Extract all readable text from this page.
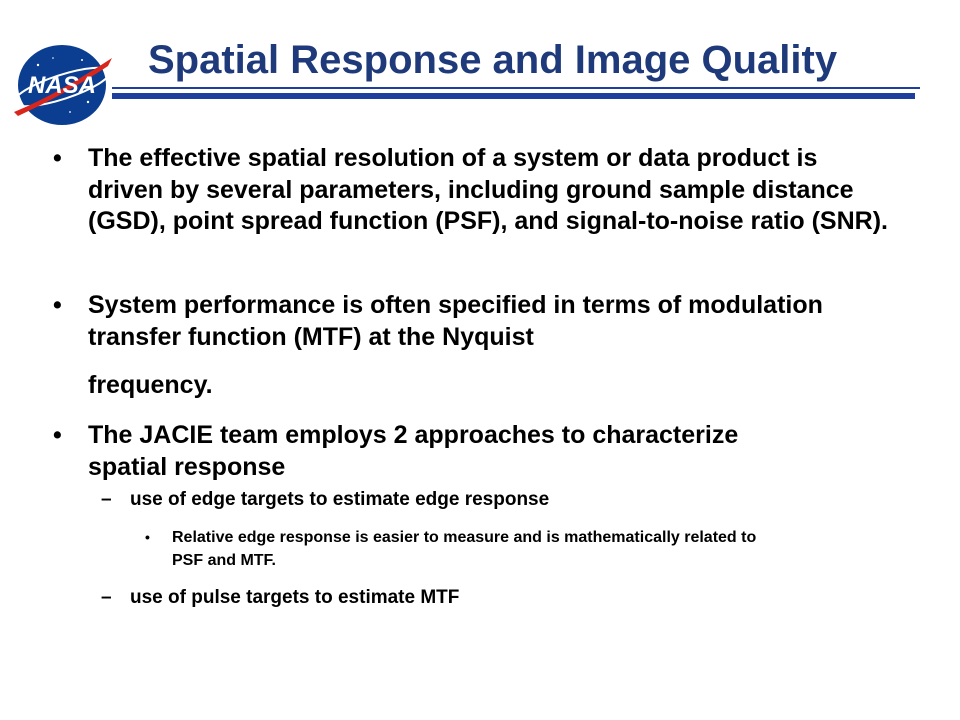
NASA
Spatial Response and Image Quality
• The effective spatial resolution of a system or data product is driven by several parameters, including ground sample distance (GSD), point spread function (PSF), and signal-to-noise ratio (SNR).
• System performance is often specified in terms of modulation transfer function (MTF) at the Nyquist
frequency.
• The JACIE team employs 2 approaches to characterize spatial response
– use of edge targets to estimate edge response
• Relative edge response is easier to measure and is mathematically related to PSF and MTF.
– use of pulse targets to estimate MTF
